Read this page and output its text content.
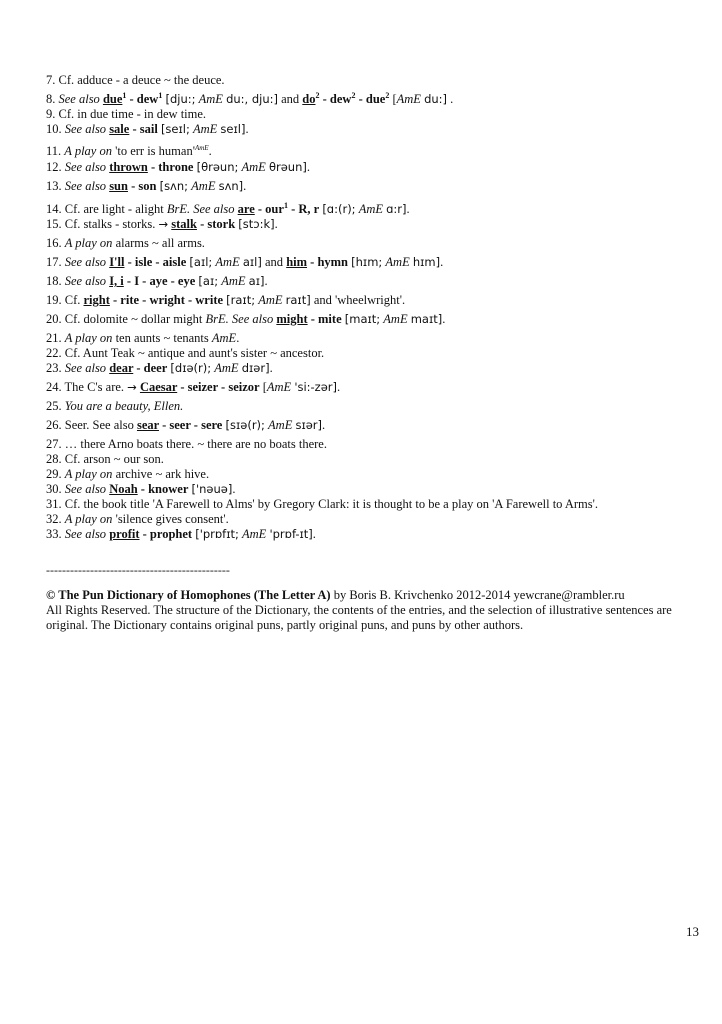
7. Cf. adduce - a deuce ~ the deuce.

8. See also due$^1$ - dew$^1$ [dju:; AmE du:, dju:] and $do^2 - dew^2 - due^2$ [AmE du:] .

9. Cf. in due time - in dew time.

10. See also sale - sail [seɪl; AmE seɪl].

11. A play on 'to err is $human'^{AmE}$.

12. See also thrown - throne [θrəun; AmE θrəun].

13. See also sun - son [sʌn; AmE sʌn].

14. Cf. are light - alight BrE. See also are - our$^1$ - R, r [ɑ:(r); AmE ɑ:r].

15. Cf. stalks - storks. → stalk - stork [stɔ:k].

16. A play on alarms ~ all arms.

17. See also I'll - isle - aisle [aɪl; AmE aɪl] and him - hymn [hɪm; AmE hɪm].

18. See also I, i - I - aye - eye [aɪ; AmE aɪ].

19. Cf. right - rite - wright - write [raɪt; AmE raɪt] and 'wheelwright'.

20. Cf. dolomite ~ dollar might BrE. See also might - mite [maɪt; AmE maɪt].

21. A play on ten aunts ~ tenants AmE.

22. Cf. Aunt Teak ~ antique and aunt's sister ~ ancestor.

23. See also dear - deer [dɪə(r); AmE dɪər].

24. The C's are. → Caesar - seizer - seizor [AmE 'si:-zər].

25. You are a beauty, Ellen.

26. Seer. See also sear - seer - sere [sɪə(r); AmE sɪər].

27. … there Arno boats there. ~ there are no boats there.

28. Cf. arson ~ our son.

29. A play on archive ~ ark hive.

30. See also Noah - knower ['nəuə].

31. Cf. the book title 'A Farewell to Alms' by Gregory Clark: it is thought to be a play on 'A Farewell to Arms'.

32. A play on 'silence gives consent'.

33. See also profit - prophet ['prɒfɪt; AmE 'prɒf-ɪt].

----------------------------------------------

© The Pun Dictionary of Homophones (The Letter A) by Boris B. Krivchenko 2012-2014 yewcrane@rambler.ru

All Rights Reserved. The structure of the Dictionary, the contents of the entries, and the selection of illustrative sentences are original. The Dictionary contains original puns, partly original puns, and puns by other authors.

13
